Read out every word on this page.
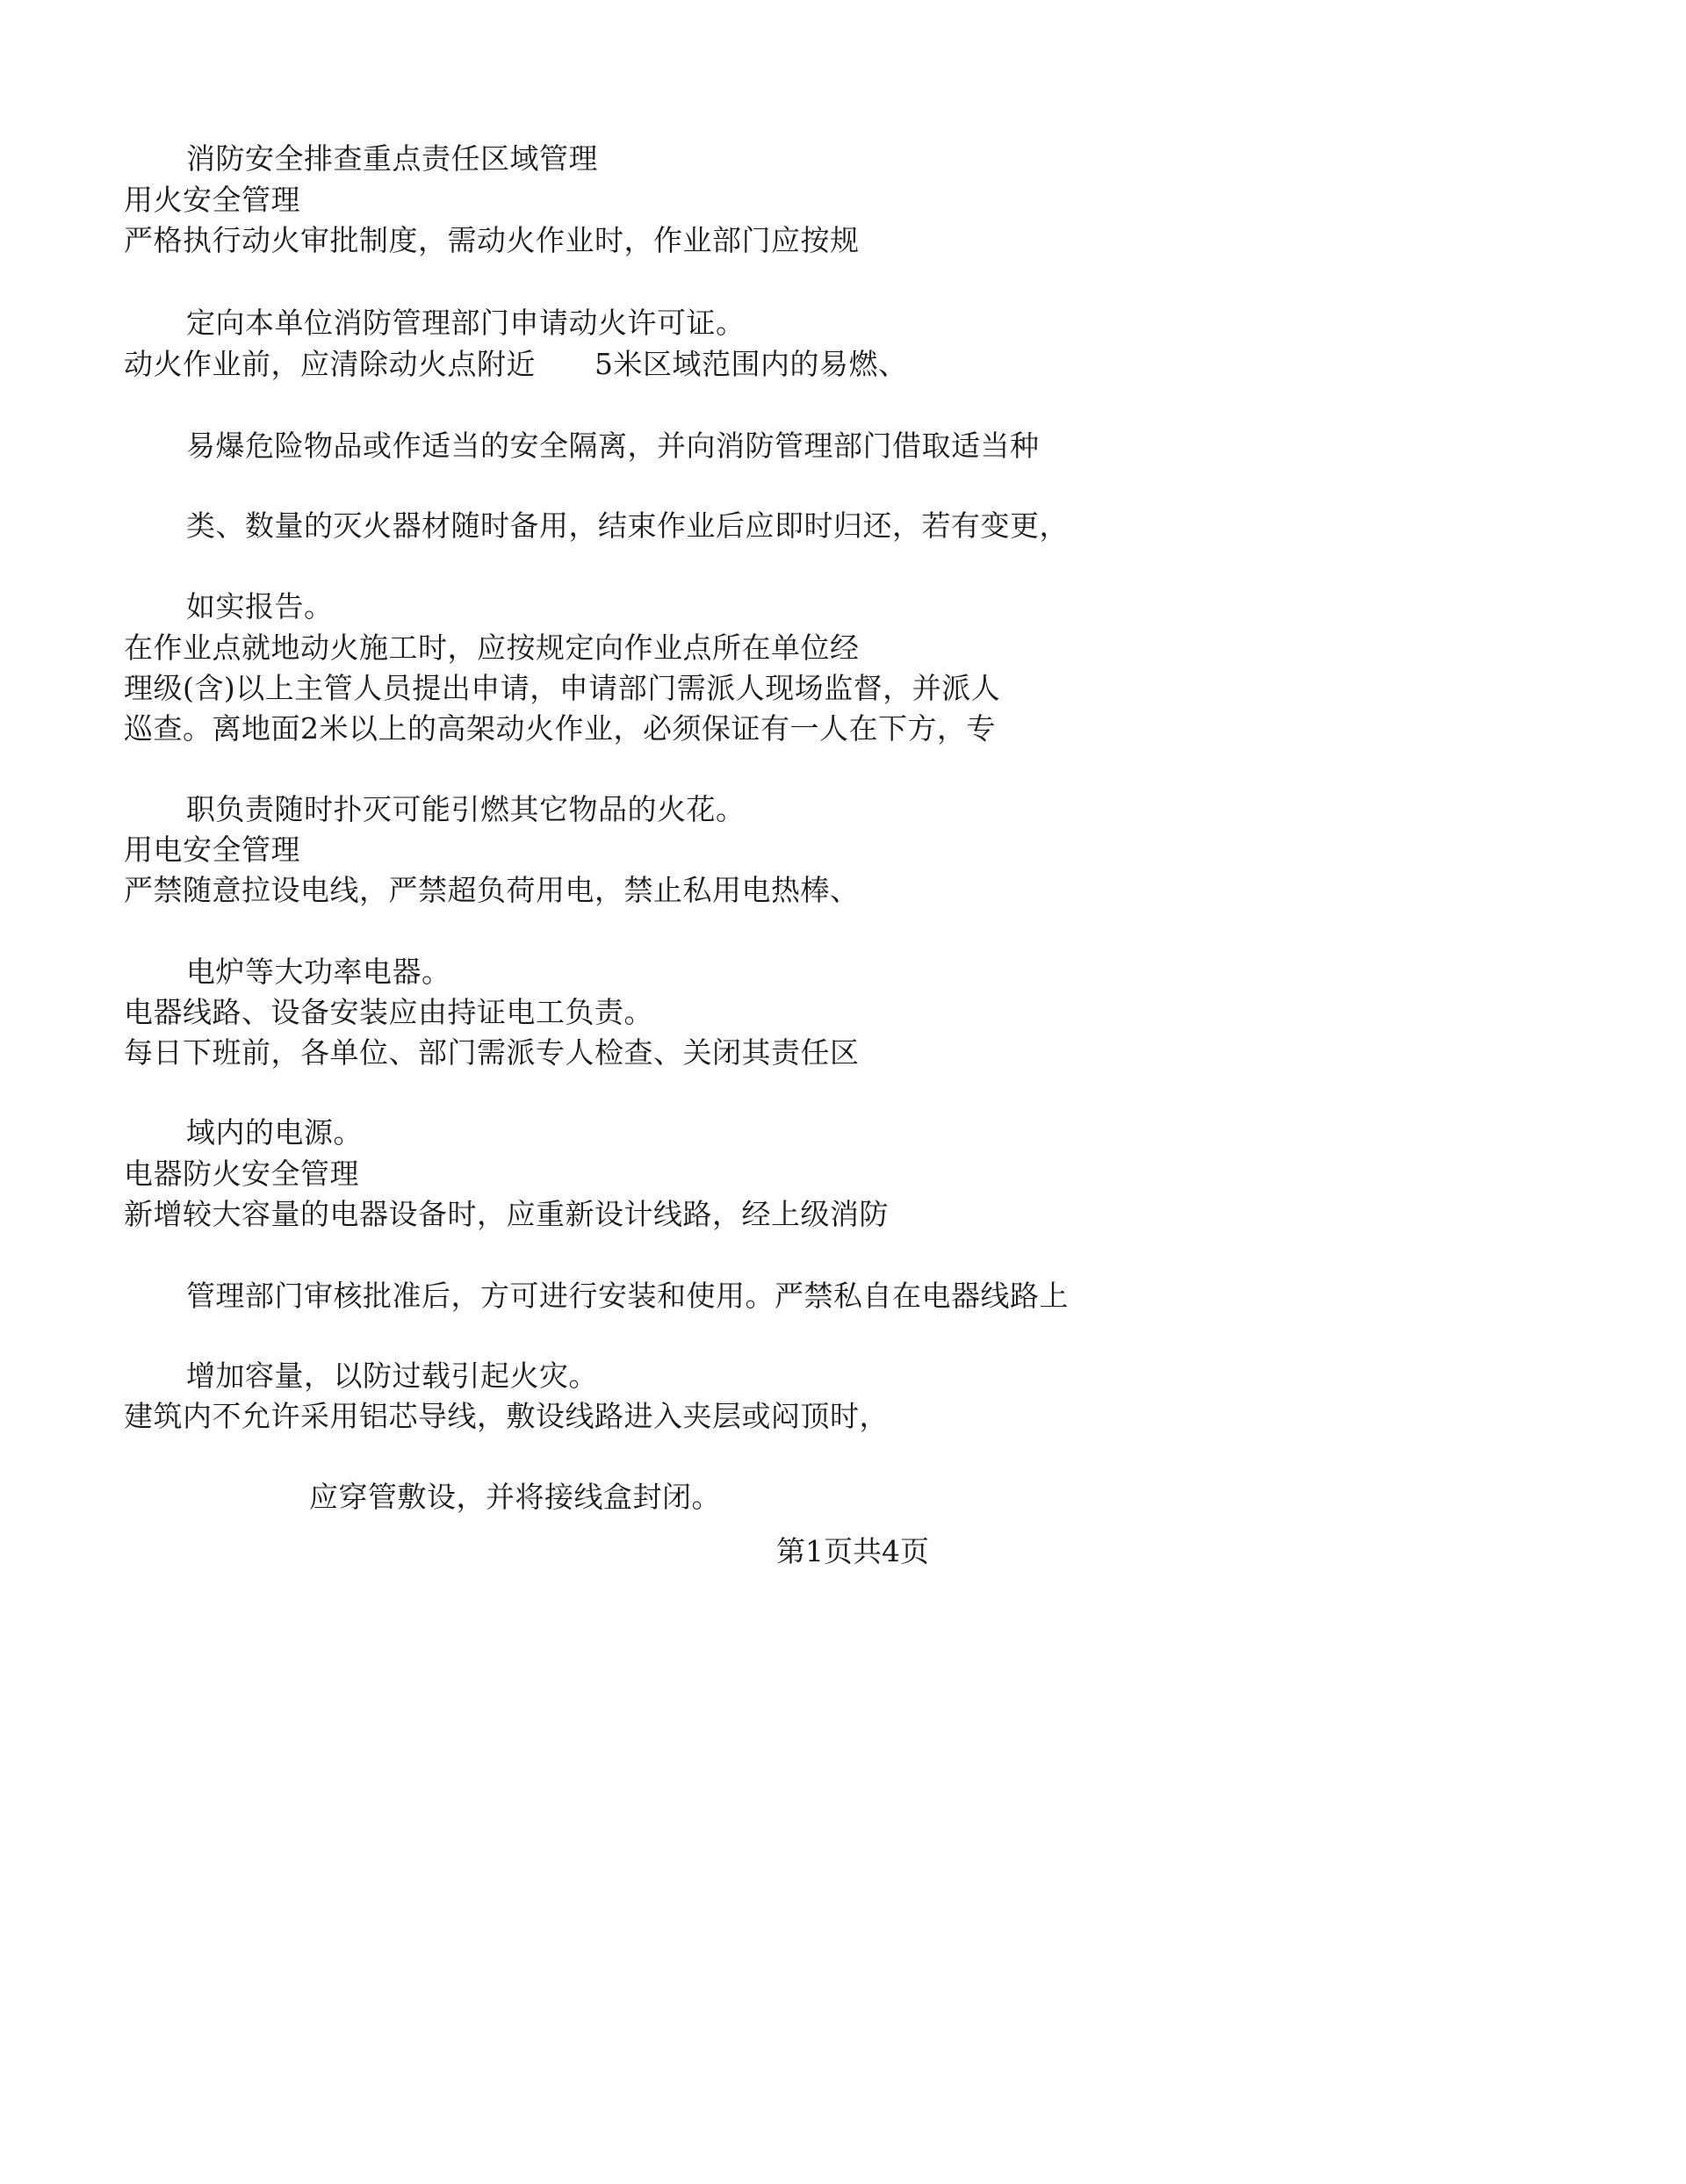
消防安全排查重点责任区域管理
用火安全管理
严格执行动火审批制度，需动火作业时，作业部门应按规
定向本单位消防管理部门申请动火许可证。
动火作业前，应清除动火点附近　　5米区域范围内的易燃、
易爆危险物品或作适当的安全隔离，并向消防管理部门借取适当种
类、数量的灭火器材随时备用，结束作业后应即时归还，若有变更，
如实报告。
在作业点就地动火施工时，应按规定向作业点所在单位经
理级(含)以上主管人员提出申请，申请部门需派人现场监督，并派人
巡查。离地面2米以上的高架动火作业，必须保证有一人在下方，专
职负责随时扑灭可能引燃其它物品的火花。
用电安全管理
严禁随意拉设电线，严禁超负荷用电，禁止私用电热棒、
电炉等大功率电器。
电器线路、设备安装应由持证电工负责。
每日下班前，各单位、部门需派专人检查、关闭其责任区
域内的电源。
电器防火安全管理
新增较大容量的电器设备时，应重新设计线路，经上级消防
管理部门审核批准后，方可进行安装和使用。严禁私自在电器线路上
增加容量，以防过载引起火灾。
建筑内不允许采用铝芯导线，敷设线路进入夹层或闷顶时，
应穿管敷设，并将接线盒封闭。
第1页共4页
